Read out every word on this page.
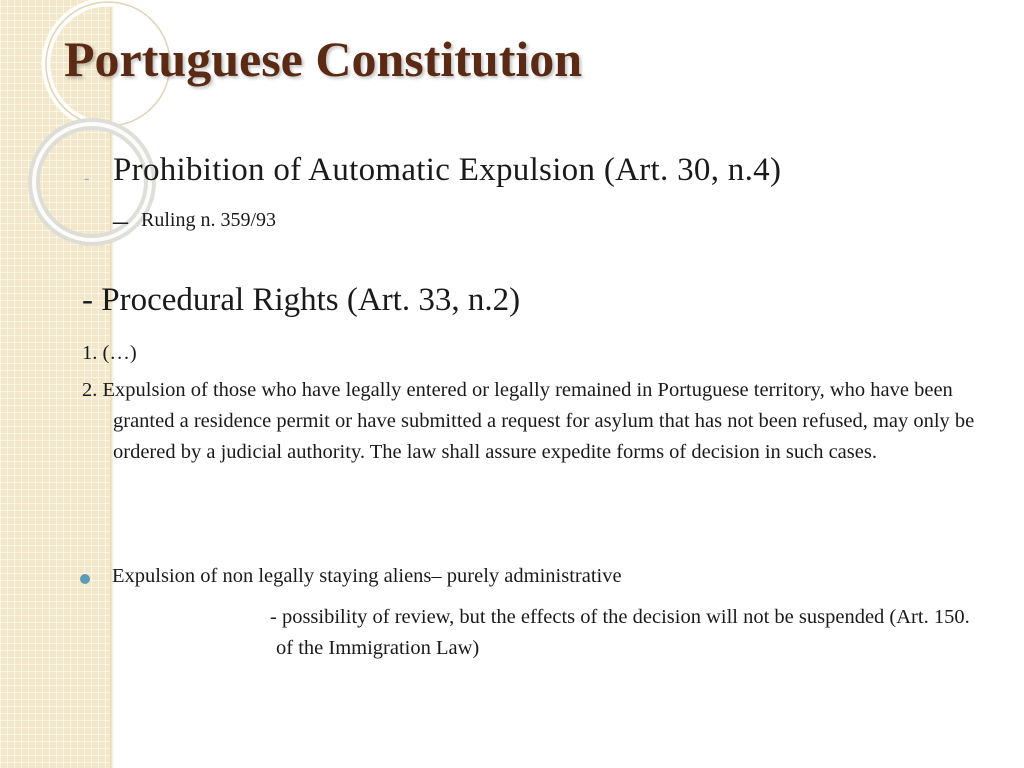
Portuguese Constitution
- Prohibition of Automatic Expulsion (Art. 30, n.4)
– Ruling n. 359/93
- Procedural Rights (Art. 33, n.2)
1. (…)
2. Expulsion of those who have legally entered or legally remained in Portuguese territory, who have been granted a residence permit or have submitted a request for asylum that has not been refused, may only be ordered by a judicial authority. The law shall assure expedite forms of decision in such cases.
Expulsion of non legally staying aliens– purely administrative
- possibility of review, but the effects of the decision will not be suspended (Art. 150. of the Immigration Law)
